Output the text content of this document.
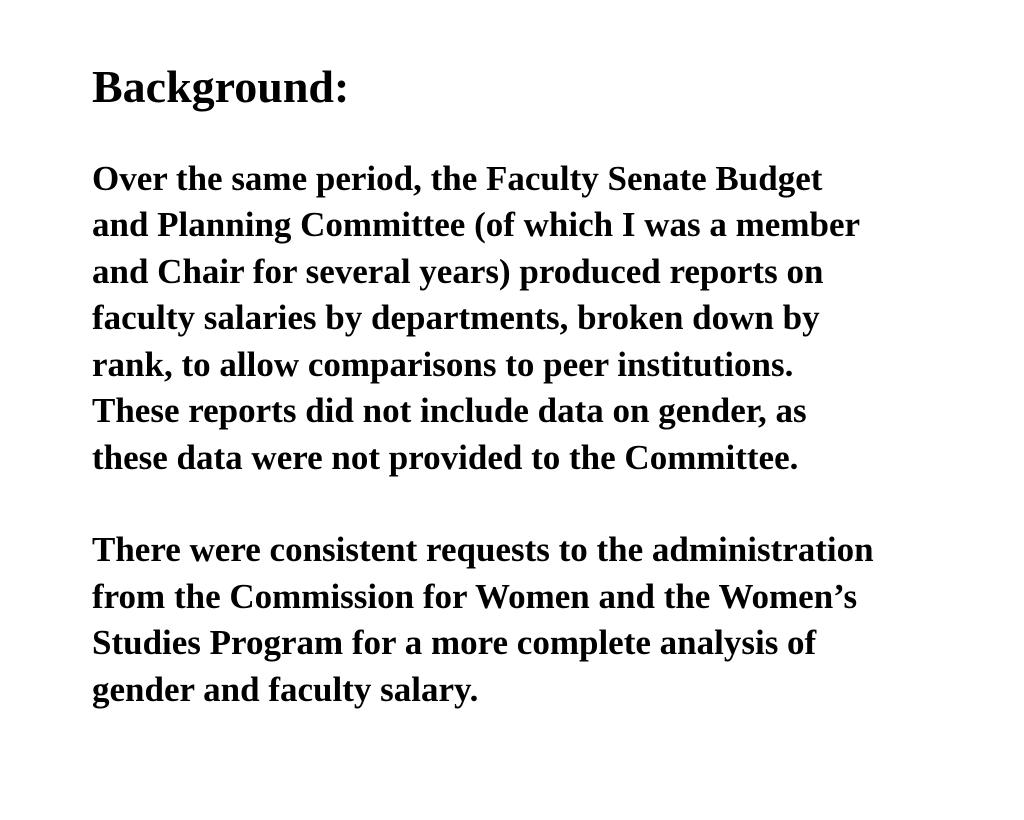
Background:

Over the same period, the Faculty Senate Budget
and Planning Committee (of which I was a member
and Chair for several years) produced reports on
faculty salaries by departments, broken down by
rank, to allow comparisons to peer institutions.
These reports did not include data on gender, as
these data were not provided to the Committee.

There were consistent requests to the administration
from the Commission for Women and the Women’s
Studies Program for a more complete analysis of
gender and faculty salary.
